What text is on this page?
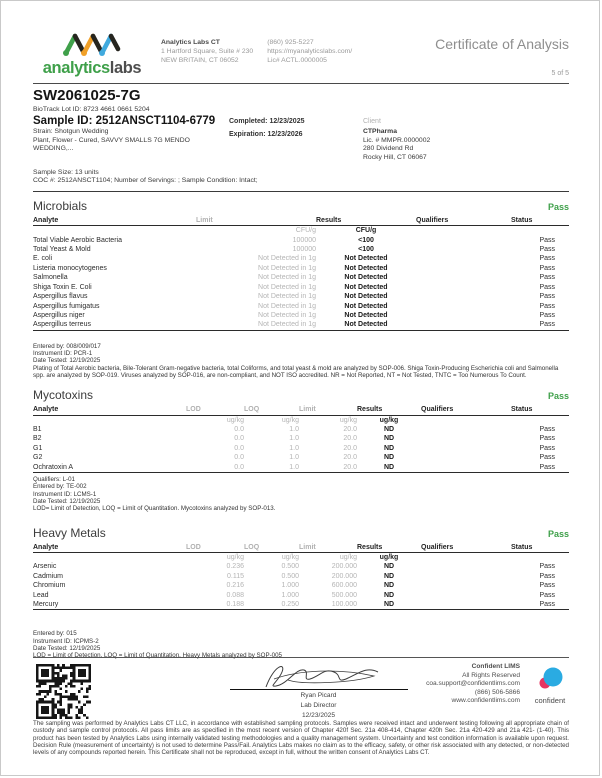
analyticslabs
Analytics Labs CT
1 Hartford Square, Suite # 230
NEW BRITAIN, CT 06052
(860) 925-5227
https://myanalyticslabs.com/
Lic# ACTL.0000005
Certificate of Analysis
5 of 5
SW2061025-7G
BioTrack Lot ID: 8723 4661 0661 5204
Sample ID: 2512ANSCT1104-6779
Strain: Shotgun Wedding
Plant, Flower - Cured, SAVVY SMALLS 7G MENDO
WEDDING,...
Completed: 12/23/2025
Expiration: 12/23/2026
Client
CTPharma
Lic. # MMPR.0000002
280 Dividend Rd
Rocky Hill, CT 06067
Sample Size: 13 units
COC #: 2512ANSCT1104; Number of Servings: ; Sample Condition: Intact;
Microbials	Pass
Analyte	Limit	Results	Qualifiers	Status
	CFU/g	CFU/g		
Total Viable Aerobic Bacteria	100000	<100		Pass
Total Yeast & Mold	100000	<100		Pass
E. coli	Not Detected in 1g	Not Detected		Pass
Listeria monocytogenes	Not Detected in 1g	Not Detected		Pass
Salmonella	Not Detected in 1g	Not Detected		Pass
Shiga Toxin E. Coli	Not Detected in 1g	Not Detected		Pass
Aspergillus flavus	Not Detected in 1g	Not Detected		Pass
Aspergillus fumigatus	Not Detected in 1g	Not Detected		Pass
Aspergillus niger	Not Detected in 1g	Not Detected		Pass
Aspergillus terreus	Not Detected in 1g	Not Detected		Pass
Entered by: 008/009/017
Instrument ID: PCR-1
Date Tested: 12/19/2025
Plating of Total Aerobic bacteria, Bile-Tolerant Gram-negative bacteria, total Coliforms, and total yeast & mold are analyzed by SOP-006. Shiga Toxin-Producing Escherichia coli and Salmonella spp. are analyzed by SOP-019. Viruses analyzed by SOP-016, are non-compliant, and NOT ISO accredited. NR = Not Reported, NT = Not Tested, TNTC = Too Numerous To Count.
Mycotoxins	Pass
Analyte	LOD	LOQ	Limit	Results	Qualifiers	Status
	ug/kg	ug/kg	ug/kg	ug/kg		
B1	0.0	1.0	20.0	ND		Pass
B2	0.0	1.0	20.0	ND		Pass
G1	0.0	1.0	20.0	ND		Pass
G2	0.0	1.0	20.0	ND		Pass
Ochratoxin A	0.0	1.0	20.0	ND		Pass
Qualifiers: L-01
Entered by: TE-002
Instrument ID: LCMS-1
Date Tested: 12/19/2025
LOD= Limit of Detection, LOQ = Limit of Quantitation. Mycotoxins analyzed by SOP-013.
Heavy Metals	Pass
Analyte	LOD	LOQ	Limit	Results	Qualifiers	Status
	ug/kg	ug/kg	ug/kg	ug/kg		
Arsenic	0.236	0.500	200.000	ND		Pass
Cadmium	0.115	0.500	200.000	ND		Pass
Chromium	0.216	1.000	600.000	ND		Pass
Lead	0.088	1.000	500.000	ND		Pass
Mercury	0.188	0.250	100.000	ND		Pass
Entered by: 015
Instrument ID: ICPMS-2
Date Tested: 12/19/2025
LOD = Limit of Detection. LOQ = Limit of Quantitation. Heavy Metals analyzed by SOP-005
Ryan Picard
Lab Director
12/23/2025
Confident LIMS
All Rights Reserved
coa.support@confidentlims.com
(866) 506-5866
www.confidentlims.com	confident
The sampling was performed by Analytics Labs CT LLC, in accordance with established sampling protocols. Samples were received intact and underwent testing following all appropriate chain of custody and sample control protocols. All pass limits are as specified in the most recent version of Chapter 420f Sec. 21a 408-414, Chapter 420h Sec. 21a 420-429 and 21a 421- (1-40). This product has been tested by Analytics Labs using internally validated testing methodologies and a quality management system. Uncertainty and test condition information is available upon request. Decision Rule (measurement of uncertainty) is not used to determine Pass/Fail. Analytics Labs makes no claim as to the efficacy, safety, or other risk associated with any detected, or non-detected levels of any compounds reported herein. This Certificate shall not be reproduced, except in full, without the written consent of Analytics Labs CT.
